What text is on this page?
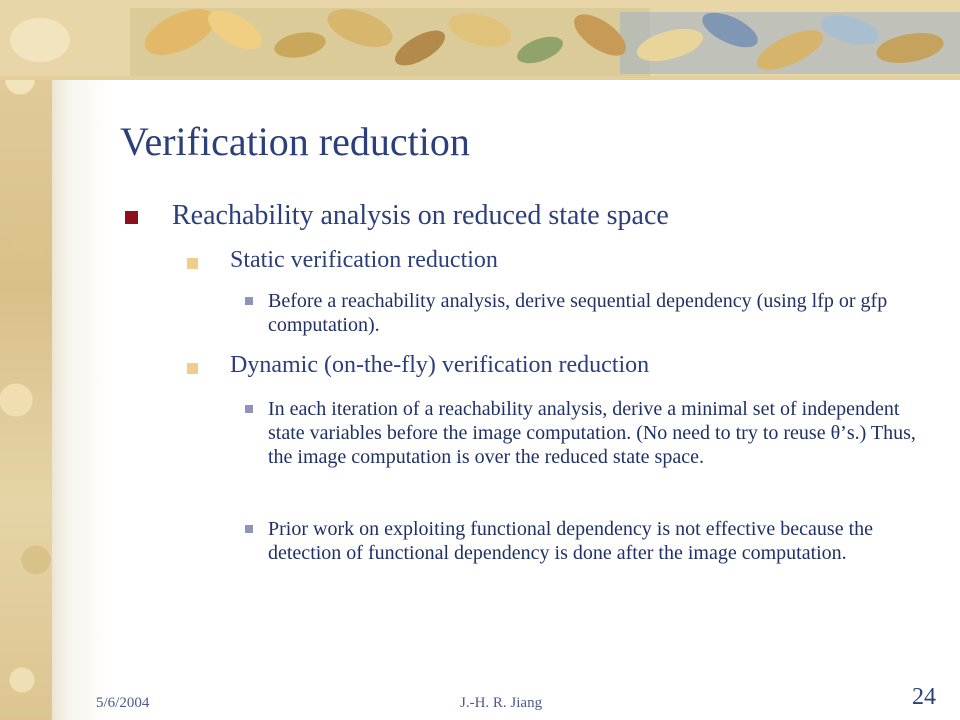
Verification reduction
Reachability analysis on reduced state space
Static verification reduction
Before a reachability analysis, derive sequential dependency (using lfp or gfp computation).
Dynamic (on-the-fly) verification reduction
In each iteration of a reachability analysis, derive a minimal set of independent state variables before the image computation. (No need to try to reuse θ’s.) Thus, the image computation is over the reduced state space.
Prior work on exploiting functional dependency is not effective because the detection of functional dependency is done after the image computation.
5/6/2004	J.-H. R. Jiang	24
